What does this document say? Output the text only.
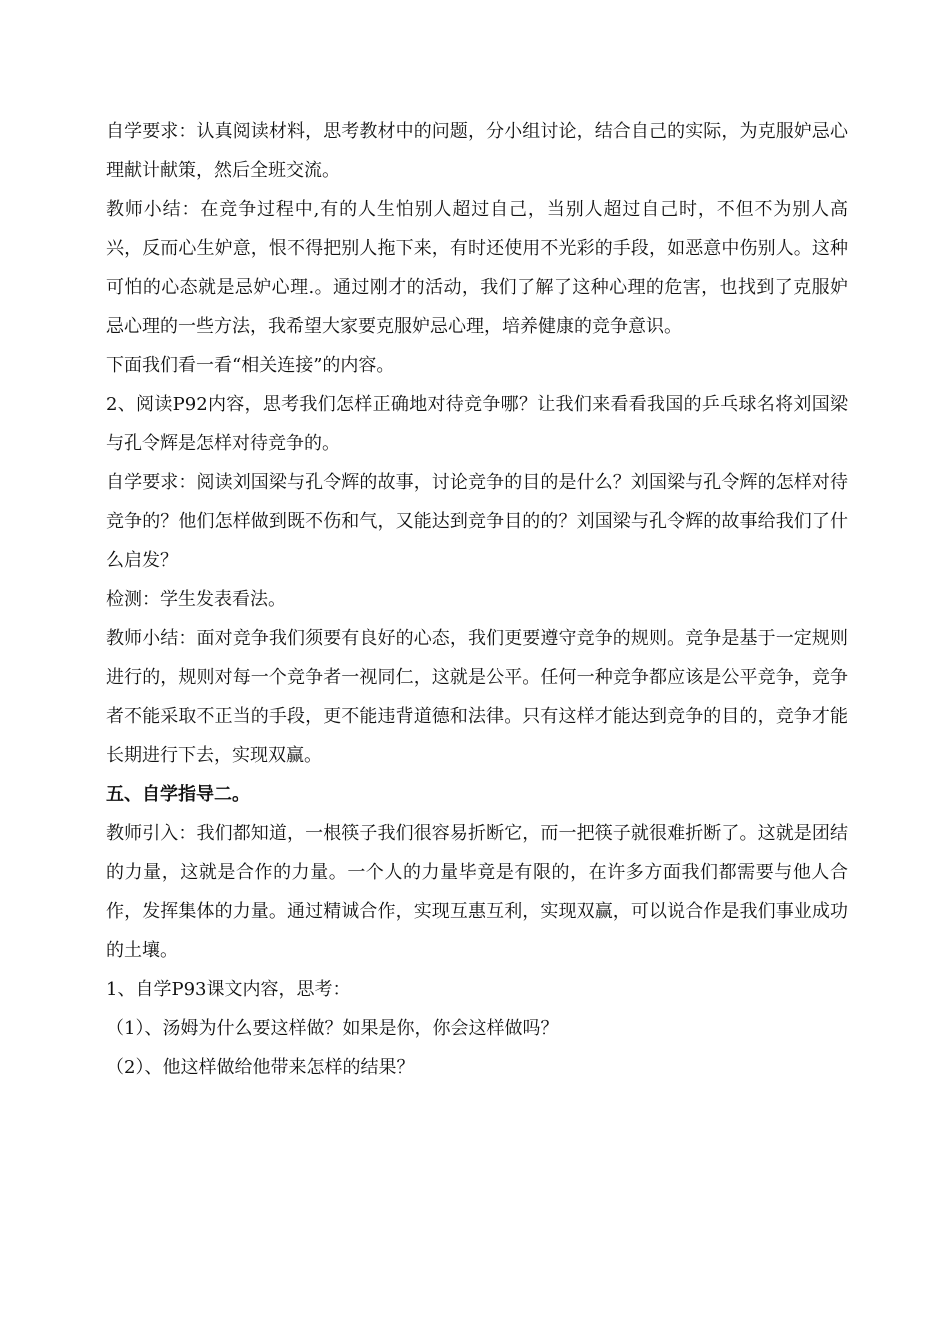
自学要求：认真阅读材料，思考教材中的问题，分小组讨论，结合自己的实际，为克服妒忌心理献计献策，然后全班交流。

教师小结：在竞争过程中,有的人生怕别人超过自己，当别人超过自己时，不但不为别人高兴，反而心生妒意，恨不得把别人拖下来，有时还使用不光彩的手段，如恶意中伤别人。这种可怕的心态就是忌妒心理.。通过刚才的活动，我们了解了这种心理的危害，也找到了克服妒忌心理的一些方法，我希望大家要克服妒忌心理，培养健康的竞争意识。

下面我们看一看“相关连接”的内容。

2、阅读P92内容，思考我们怎样正确地对待竞争哪？让我们来看看我国的乒乓球名将刘国梁与孔令辉是怎样对待竞争的。

自学要求：阅读刘国梁与孔令辉的故事，讨论竞争的目的是什么？刘国梁与孔令辉的怎样对待竞争的？他们怎样做到既不伤和气，又能达到竞争目的的？刘国梁与孔令辉的故事给我们了什么启发？

检测：学生发表看法。

教师小结：面对竞争我们须要有良好的心态，我们更要遵守竞争的规则。竞争是基于一定规则进行的，规则对每一个竞争者一视同仁，这就是公平。任何一种竞争都应该是公平竞争，竞争者不能采取不正当的手段，更不能违背道德和法律。只有这样才能达到竞争的目的，竞争才能长期进行下去，实现双赢。

五、自学指导二。

教师引入：我们都知道，一根筷子我们很容易折断它，而一把筷子就很难折断了。这就是团结的力量，这就是合作的力量。一个人的力量毕竟是有限的，在许多方面我们都需要与他人合作，发挥集体的力量。通过精诚合作，实现互惠互利，实现双赢，可以说合作是我们事业成功的土壤。

1、自学P93课文内容，思考：

（1）、汤姆为什么要这样做？如果是你，你会这样做吗？

（2）、他这样做给他带来怎样的结果？
